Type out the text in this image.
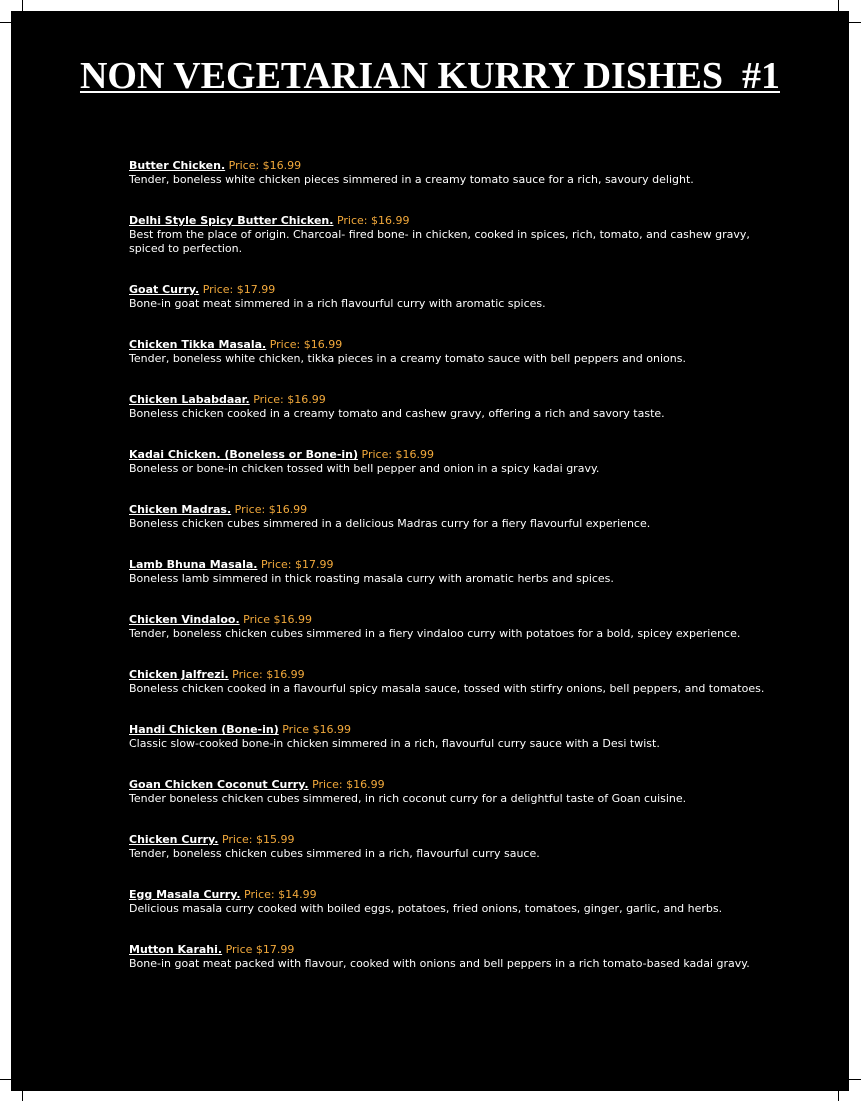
NON VEGETARIAN KURRY DISHES  #1
Butter Chicken. Price: $16.99
Tender, boneless white chicken pieces simmered in a creamy tomato sauce for a rich, savoury delight.
Delhi Style Spicy Butter Chicken. Price: $16.99
Best from the place of origin. Charcoal- fired bone- in chicken, cooked in spices, rich, tomato, and cashew gravy, spiced to perfection.
Goat Curry. Price: $17.99
Bone-in goat meat simmered in a rich flavourful curry with aromatic spices.
Chicken Tikka Masala. Price: $16.99
Tender, boneless white chicken, tikka pieces in a creamy tomato sauce with bell peppers and onions.
Chicken Lababdaar. Price: $16.99
Boneless chicken cooked in a creamy tomato and cashew gravy, offering a rich and savory taste.
Kadai Chicken. (Boneless or Bone-in) Price: $16.99
Boneless or bone-in chicken tossed with bell pepper and onion in a spicy kadai gravy.
Chicken Madras. Price: $16.99
Boneless chicken cubes simmered in a delicious Madras curry for a fiery flavourful experience.
Lamb Bhuna Masala. Price: $17.99
Boneless lamb simmered in thick roasting masala curry with aromatic herbs and spices.
Chicken Vindaloo. Price $16.99
Tender, boneless chicken cubes simmered in a fiery vindaloo curry with potatoes for a bold, spicey experience.
Chicken Jalfrezi. Price: $16.99
Boneless chicken cooked in a flavourful spicy masala sauce, tossed with stirfry onions, bell peppers, and tomatoes.
Handi Chicken (Bone-in) Price $16.99
Classic slow-cooked bone-in chicken simmered in a rich, flavourful curry sauce with a Desi twist.
Goan Chicken Coconut Curry. Price: $16.99
Tender boneless chicken cubes simmered, in rich coconut curry for a delightful taste of Goan cuisine.
Chicken Curry. Price: $15.99
Tender, boneless chicken cubes simmered in a rich, flavourful curry sauce.
Egg Masala Curry. Price: $14.99
Delicious masala curry cooked with boiled eggs, potatoes, fried onions, tomatoes, ginger, garlic, and herbs.
Mutton Karahi. Price $17.99
Bone-in goat meat packed with flavour, cooked with onions and bell peppers in a rich tomato-based kadai gravy.
